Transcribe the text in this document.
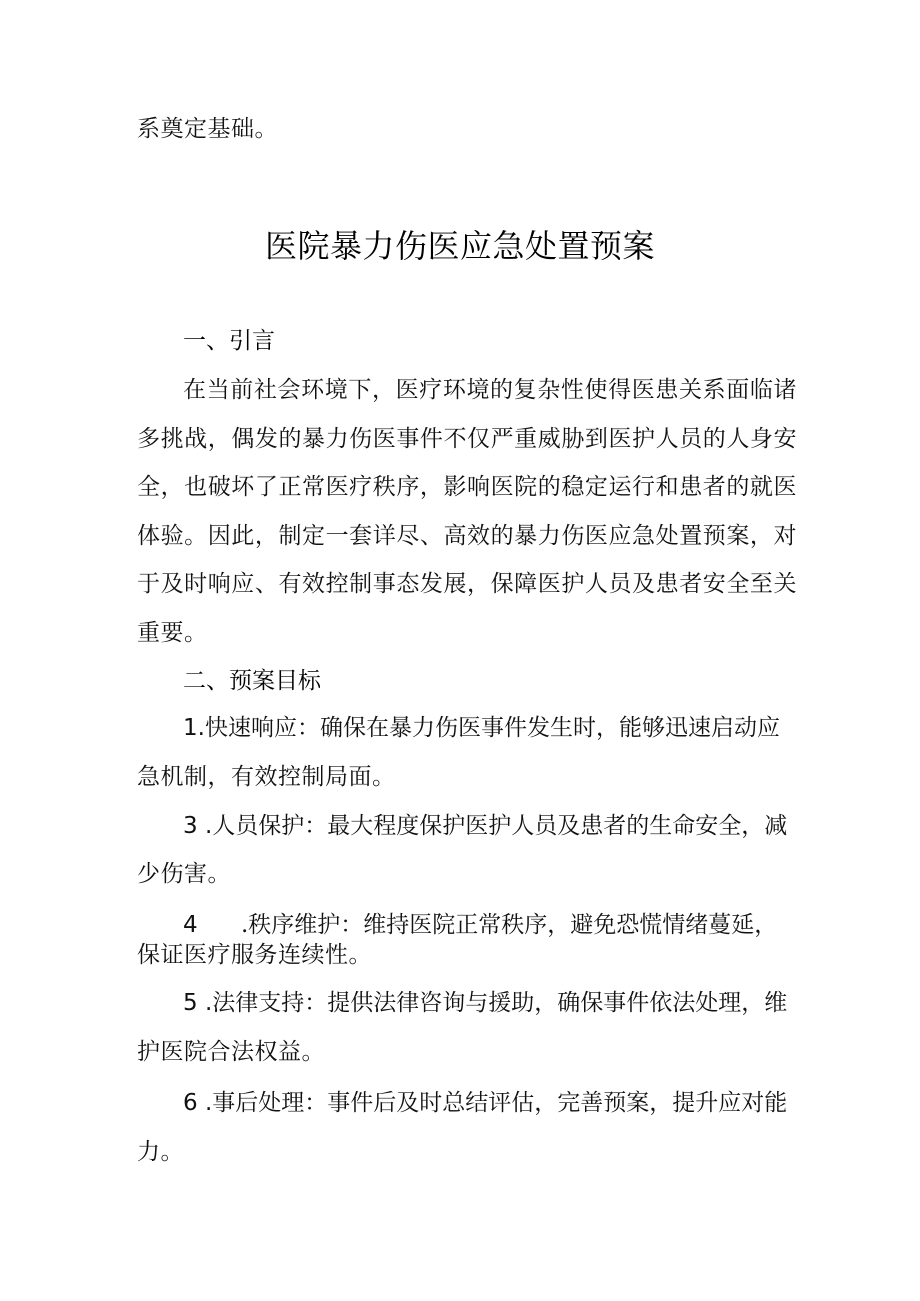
系奠定基础。
医院暴力伤医应急处置预案
一、引言
在当前社会环境下，医疗环境的复杂性使得医患关系面临诸
多挑战，偶发的暴力伤医事件不仅严重威胁到医护人员的人身安
全，也破坏了正常医疗秩序，影响医院的稳定运行和患者的就医
体验。因此，制定一套详尽、高效的暴力伤医应急处置预案，对
于及时响应、有效控制事态发展，保障医护人员及患者安全至关
重要。
二、预案目标
1.快速响应：确保在暴力伤医事件发生时，能够迅速启动应
急机制，有效控制局面。
3 .人员保护：最大程度保护医护人员及患者的生命安全，减
少伤害。
4 .秩序维护：维持医院正常秩序，避免恐慌情绪蔓延，
保证医疗服务连续性。
5 .法律支持：提供法律咨询与援助，确保事件依法处理，维
护医院合法权益。
6 .事后处理：事件后及时总结评估，完善预案，提升应对能
力。
